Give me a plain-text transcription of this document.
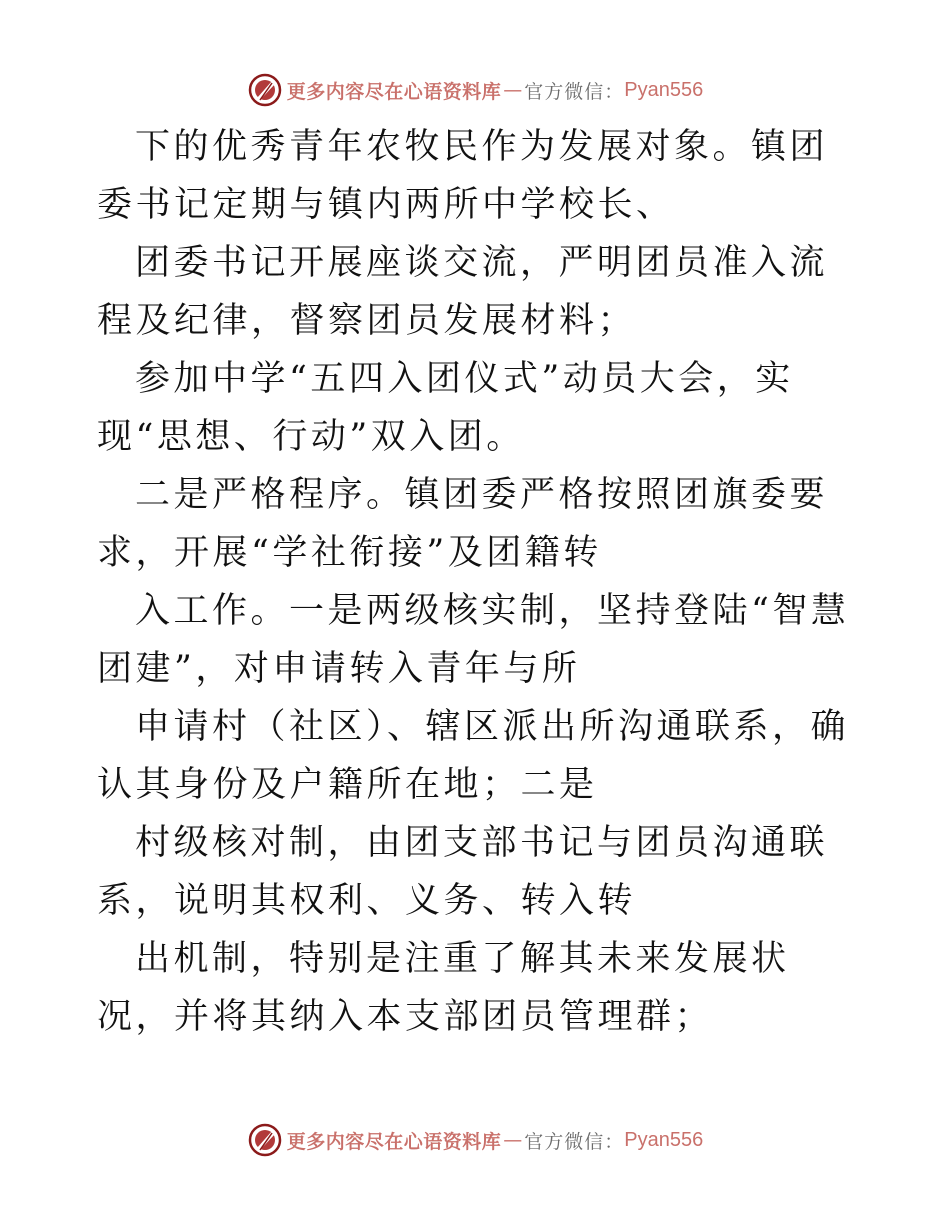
更多内容尽在心语资料库 — 官方微信： Pyan556

下的优秀青年农牧民作为发展对象。镇团委书记定期与镇内两所中学校长、

团委书记开展座谈交流，严明团员准入流程及纪律，督察团员发展材料；

参加中学“五四入团仪式”动员大会，实现“思想、行动”双入团。

二是严格程序。镇团委严格按照团旗委要求，开展“学社衔接”及团籍转

入工作。一是两级核实制，坚持登陆“智慧团建”，对申请转入青年与所

申请村（社区）、辖区派出所沟通联系，确认其身份及户籍所在地；二是

村级核对制，由团支部书记与团员沟通联系，说明其权利、义务、转入转

出机制，特别是注重了解其未来发展状况，并将其纳入本支部团员管理群；

更多内容尽在心语资料库 — 官方微信： Pyan556
